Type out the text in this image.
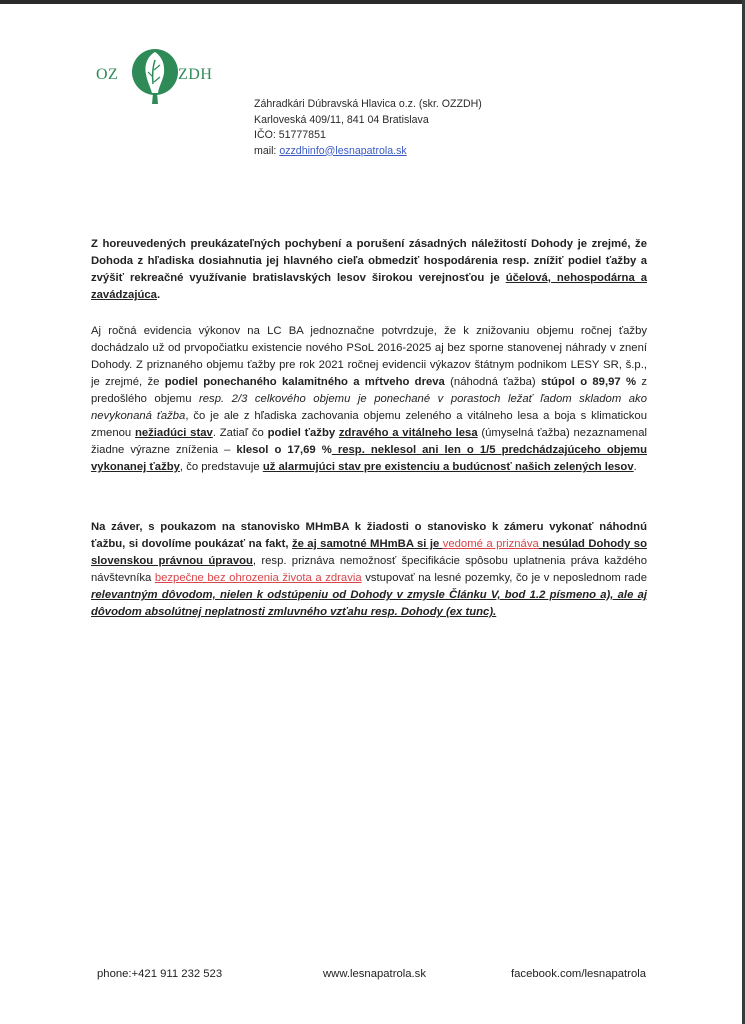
OZ	ZDH
Záhradkári Dúbravská Hlavica o.z. (skr. OZZDH)
Karloveská 409/11, 841 04 Bratislava
IČO: 51777851
mail: ozzdhinfo@lesnapatrola.sk
Z horeuvedených preukázateľných pochybení a porušení zásadných náležitostí Dohody je zrejmé, že Dohoda z hľadiska dosiahnutia jej hlavného cieľa obmedziť hospodárenia resp. znížiť podiel ťažby a zvýšiť rekreačné využívanie bratislavských lesov širokou verejnosťou je účelová, nehospodárna a zavádzajúca.
Aj ročná evidencia výkonov na LC BA jednoznačne potvrdzuje, že k znižovaniu objemu ročnej ťažby dochádzalo už od prvopočiatku existencie nového PSoL 2016-2025 aj bez sporne stanovenej náhrady v znení Dohody. Z priznaného objemu ťažby pre rok 2021 ročnej evidencii výkazov štátnym podnikom LESY SR, š.p., je zrejmé, že podiel ponechaného kalamitného a mŕtveho dreva (náhodná ťažba) stúpol o 89,97 % z predošlého objemu resp. 2/3 celkového objemu je ponechané v porastoch ležať ľadom skladom ako nevykonaná ťažba, čo je ale z hľadiska zachovania objemu zeleného a vitálneho lesa a boja s klimatickou zmenou nežiadúci stav. Zatiaľ čo podiel ťažby zdravého a vitálneho lesa (úmyselná ťažba) nezaznamenal žiadne výrazne zníženia – klesol o 17,69 % resp. neklesol ani len o 1/5 predchádzajúceho objemu vykonanej ťažby, čo predstavuje už alarmujúci stav pre existenciu a budúcnosť našich zelených lesov.
Na záver, s poukazom na stanovisko MHmBA k žiadosti o stanovisko k zámeru vykonať náhodnú ťažbu, si dovolíme poukázať na fakt, že aj samotné MHmBA si je vedomé a priznáva nesúlad Dohody so slovenskou právnou úpravou, resp. priznáva nemožnosť špecifikácie spôsobu uplatnenia práva každého návštevníka bezpečne bez ohrozenia života a zdravia vstupovať na lesné pozemky, čo je v neposlednom rade relevantným dôvodom, nielen k odstúpeniu od Dohody v zmysle Článku V, bod 1.2 písmeno a), ale aj dôvodom absolútnej neplatnosti zmluvného vzťahu resp. Dohody (ex tunc).
phone:+421 911 232 523	www.lesnapatrola.sk	facebook.com/lesnapatrola
